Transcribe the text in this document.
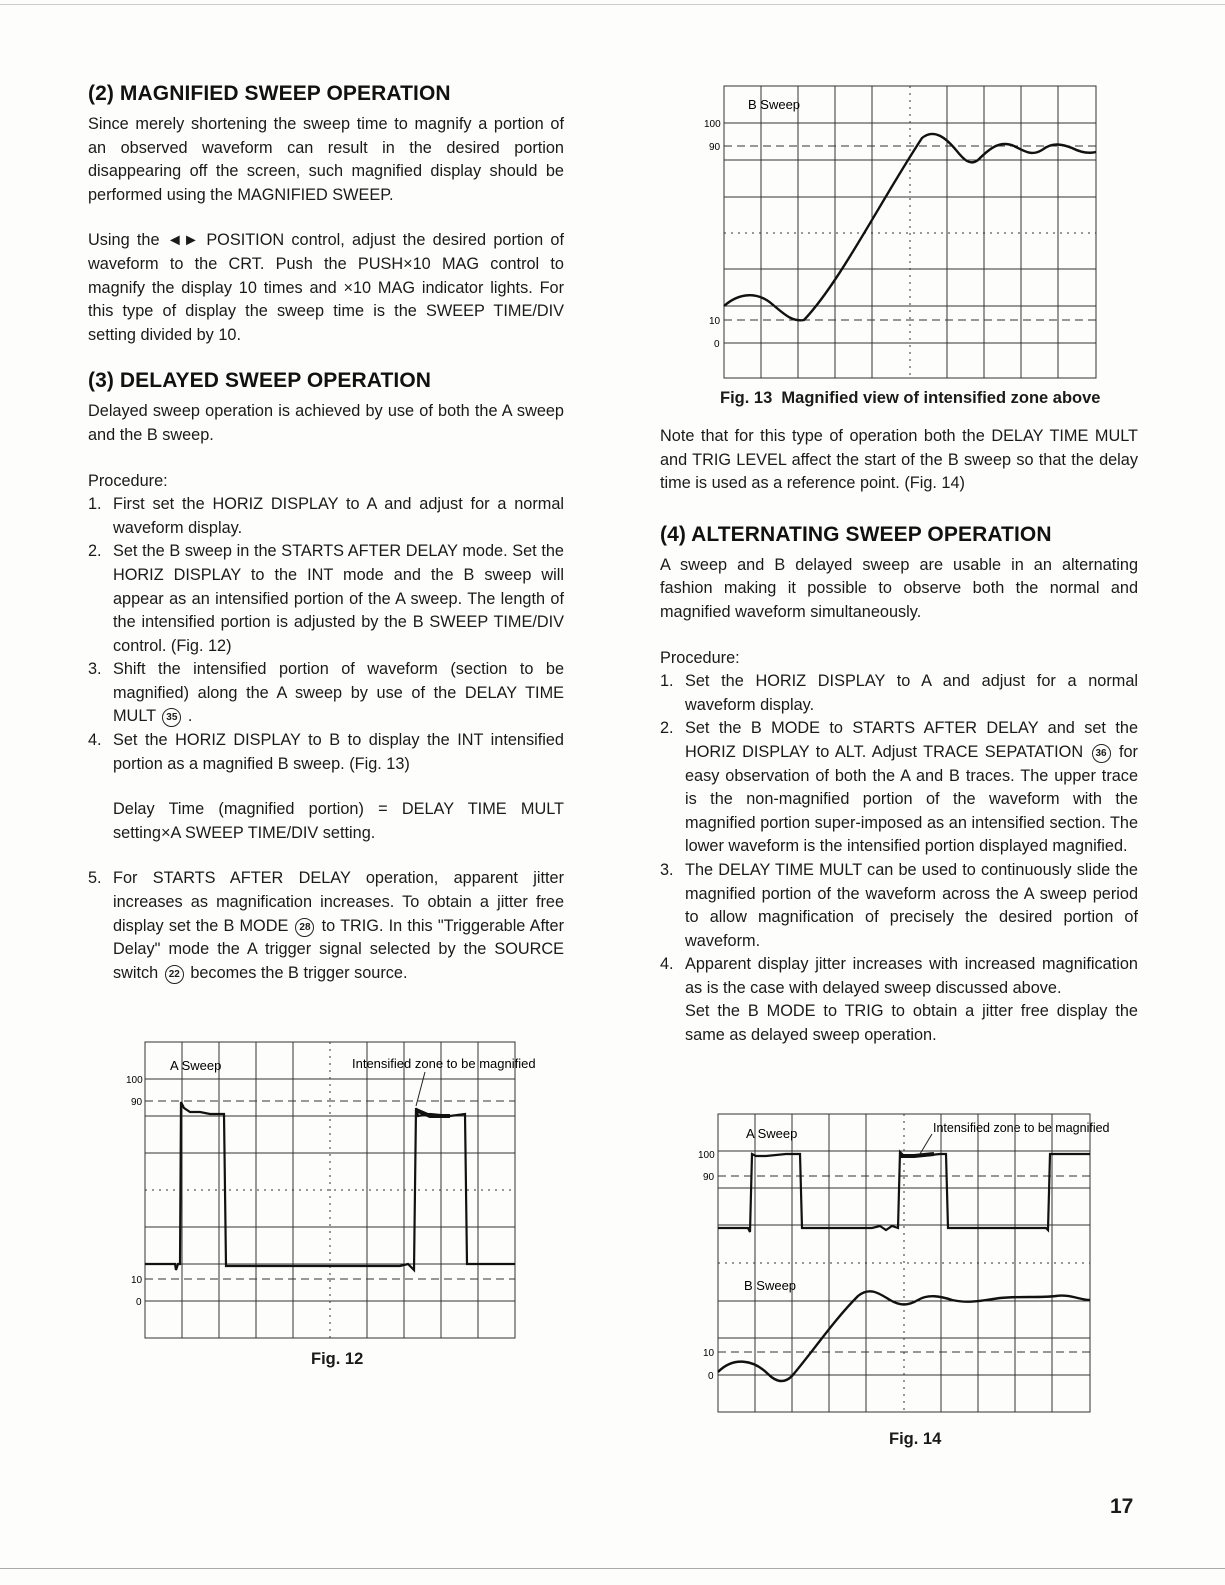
(2) MAGNIFIED SWEEP OPERATION

Since merely shortening the sweep time to magnify a portion of an observed waveform can result in the desired portion disappearing off the screen, such magnified display should be performed using the MAGNIFIED SWEEP.

Using the ◄► POSITION control, adjust the desired portion of waveform to the CRT. Push the PUSH×10 MAG control to magnify the display 10 times and ×10 MAG indicator lights. For this type of display the sweep time is the SWEEP TIME/DIV setting divided by 10.

(3) DELAYED SWEEP OPERATION

Delayed sweep operation is achieved by use of both the A sweep and the B sweep.

Procedure:

1. First set the HORIZ DISPLAY to A and adjust for a normal waveform display.
2. Set the B sweep in the STARTS AFTER DELAY mode. Set the HORIZ DISPLAY to the INT mode and the B sweep will appear as an intensified portion of the A sweep. The length of the intensified portion is adjusted by the B SWEEP TIME/DIV control. (Fig. 12)
3. Shift the intensified portion of waveform (section to be magnified) along the A sweep by use of the DELAY TIME MULT 35 .
4. Set the HORIZ DISPLAY to B to display the INT intensified portion as a magnified B sweep. (Fig. 13)

Delay Time (magnified portion) = DELAY TIME MULT setting×A SWEEP TIME/DIV setting.

5. For STARTS AFTER DELAY operation, apparent jitter increases as magnification increases. To obtain a jitter free display set the B MODE 28 to TRIG. In this "Triggerable After Delay" mode the A trigger signal selected by the SOURCE switch 22 becomes the B trigger source.
100
90
10
0
A Sweep	Intensified zone to be magnified
Fig. 12
100
90
10
0
B Sweep
Fig. 13  Magnified view of intensified zone above

Note that for this type of operation both the DELAY TIME MULT and TRIG LEVEL affect the start of the B sweep so that the delay time is used as a reference point. (Fig. 14)

(4) ALTERNATING SWEEP OPERATION

A sweep and B delayed sweep are usable in an alternating fashion making it possible to observe both the normal and magnified waveform simultaneously.

Procedure:

1. Set the HORIZ DISPLAY to A and adjust for a normal waveform display.
2. Set the B MODE to STARTS AFTER DELAY and set the HORIZ DISPLAY to ALT. Adjust TRACE SEPATATION 36 for easy observation of both the A and B traces. The upper trace is the non-magnified portion of the waveform with the magnified portion super-imposed as an intensified section. The lower waveform is the intensified portion displayed magnified.
3. The DELAY TIME MULT can be used to continuously slide the magnified portion of the waveform across the A sweep period to allow magnification of precisely the desired portion of waveform.
4. Apparent display jitter increases with increased magnification as is the case with delayed sweep discussed above.
Set the B MODE to TRIG to obtain a jitter free display the same as delayed sweep operation.
100
90
10
0
A Sweep
B Sweep
Intensified zone to be magnified
Fig. 14
17
